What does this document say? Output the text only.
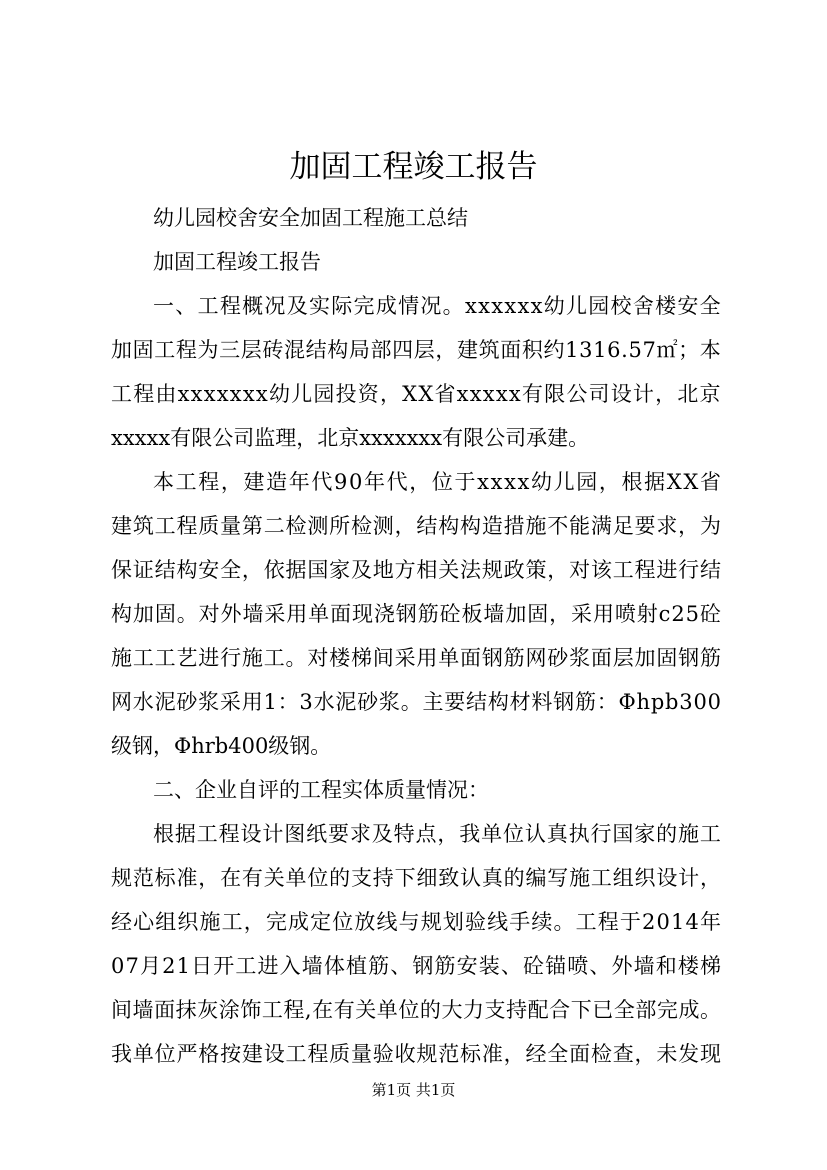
加固工程竣工报告
幼儿园校舍安全加固工程施工总结
加固工程竣工报告
一 、 工 程 概 况 及 实 际 完 成 情 况 。 x x x x x x 幼 儿 园 校 舍 楼 安 全
加 固 工 程 为 三 层 砖 混 结 构 局 部 四 层 ， 建 筑 面 积 约 1 3 1 6 . 5 7 ㎡ ； 本
工 程 由 x x x x x x x 幼 儿 园 投 资 ， X X 省 x x x x x 有 限 公 司 设 计 ， 北 京
xxxxx有限公司监理，北京xxxxxxx有限公司承建。
本 工 程 ， 建 造 年 代 9 0 年 代 ， 位 于 x x x x 幼 儿 园 ， 根 据 X X 省
建 筑 工 程 质 量 第 二 检 测 所 检 测 ， 结 构 构 造 措 施 不 能 满 足 要 求 ， 为
保 证 结 构 安 全 ， 依 据 国 家 及 地 方 相 关 法 规 政 策 ， 对 该 工 程 进 行 结
构 加 固 。 对 外 墙 采 用 单 面 现 浇 钢 筋 砼 板 墙 加 固 ， 采 用 喷 射 c 2 5 砼
施 工 工 艺 进 行 施 工 。 对 楼 梯 间 采 用 单 面 钢 筋 网 砂 浆 面 层 加 固 钢 筋
网 水 泥 砂 浆 采 用 1 ： 3 水 泥 砂 浆 。 主 要 结 构 材 料 钢 筋 ： Φ h p b 3 0 0
级钢，Φhrb400级钢。
二、企业自评的工程实体质量情况：
根 据 工 程 设 计 图 纸 要 求 及 特 点 ， 我 单 位 认 真 执 行 国 家 的 施 工
规 范 标 准 ， 在 有 关 单 位 的 支 持 下 细 致 认 真 的 编 写 施 工 组 织 设 计 ，
经 心 组 织 施 工 ， 完 成 定 位 放 线 与 规 划 验 线 手 续 。 工 程 于 2 0 1 4 年
0 7 月 2 1 日 开 工 进 入 墙 体 植 筋 、 钢 筋 安 装 、 砼 锚 喷 、 外 墙 和 楼 梯
间 墙 面 抹 灰 涂 饰 工 程 , 在 有 关 单 位 的 大 力 支 持 配 合 下 已 全 部 完 成 。
我 单 位 严 格 按 建 设 工 程 质 量 验 收 规 范 标 准 ， 经 全 面 检 查 ， 未 发 现
第1页 共1页
